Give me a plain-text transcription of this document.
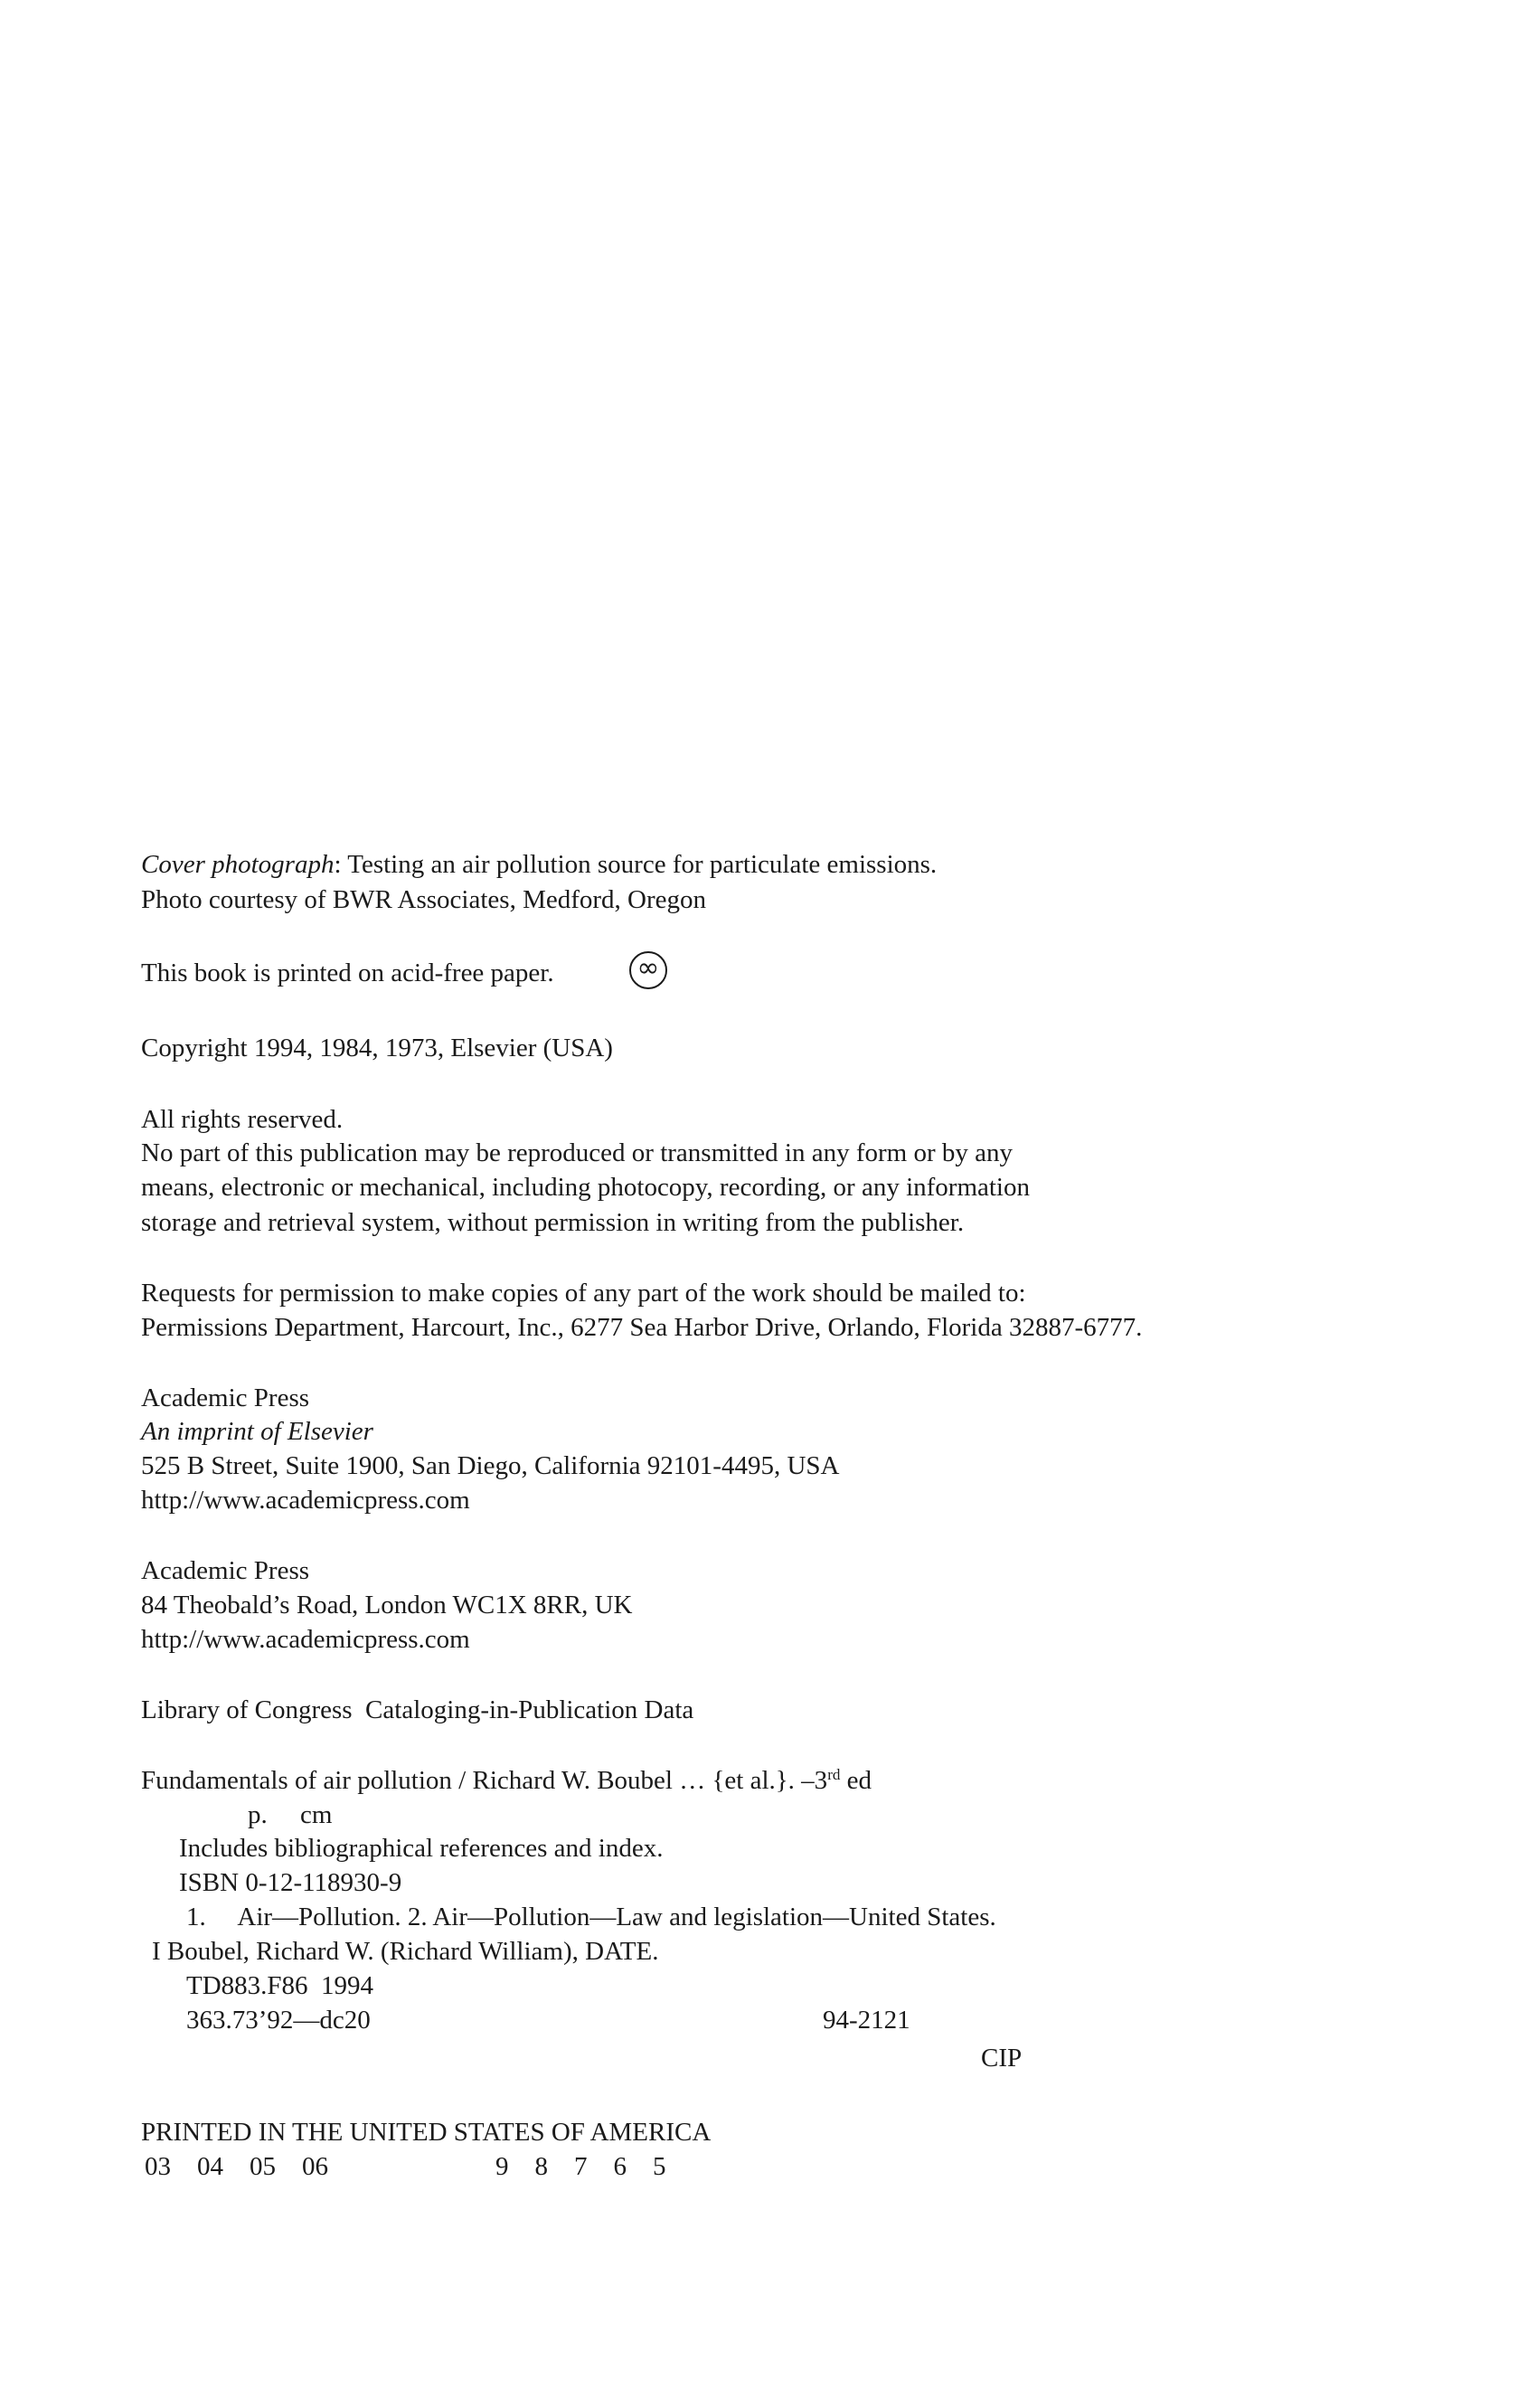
Cover photograph: Testing an air pollution source for particulate emissions.
Photo courtesy of BWR Associates, Medford, Oregon
This book is printed on acid-free paper.	∞
Copyright 1994, 1984, 1973, Elsevier (USA)
All rights reserved.
No part of this publication may be reproduced or transmitted in any form or by any
means, electronic or mechanical, including photocopy, recording, or any information
storage and retrieval system, without permission in writing from the publisher.
Requests for permission to make copies of any part of the work should be mailed to:
Permissions Department, Harcourt, Inc., 6277 Sea Harbor Drive, Orlando, Florida 32887-6777.
Academic Press
An imprint of Elsevier
525 B Street, Suite 1900, San Diego, California 92101-4495, USA
http://www.academicpress.com
Academic Press
84 Theobald’s Road, London WC1X 8RR, UK
http://www.academicpress.com
Library of Congress  Cataloging-in-Publication Data
Fundamentals of air pollution / Richard W. Boubel … {et al.}. –3rd ed
p.     cm
Includes bibliographical references and index.
ISBN 0-12-118930-9
1.     Air—Pollution. 2. Air—Pollution—Law and legislation—United States.
I Boubel, Richard W. (Richard William), DATE.
TD883.F86  1994
363.73’92—dc20	94-2121
CIP
PRINTED IN THE UNITED STATES OF AMERICA
03    04    05    06	9    8    7    6    5
